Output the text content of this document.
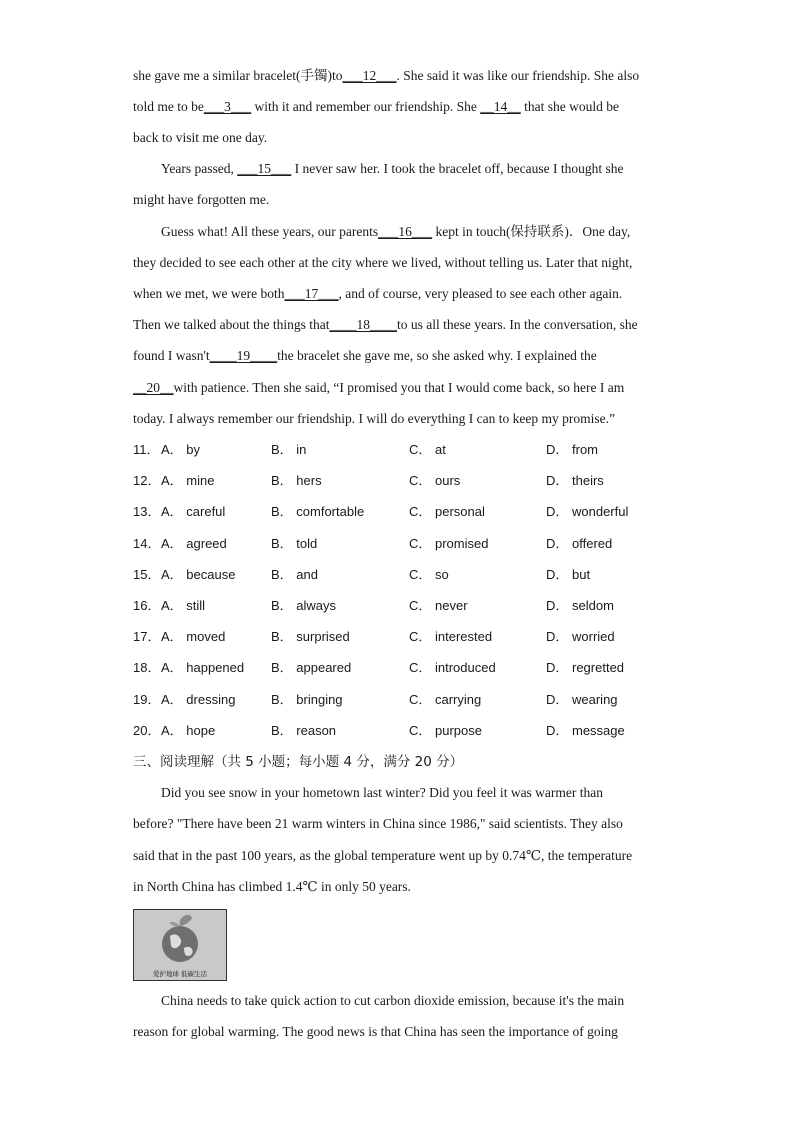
she gave me a similar bracelet(手镯)to___12___. She said it was like our friendship. She also
told me to be___3___ with it and remember our friendship. She __14__ that she would be
back to visit me one day.
Years passed, ___15___ I never saw her. I took the bracelet off, because I thought she
might have forgotten me.
Guess what! All these years, our parents___16___ kept in touch(保持联系)．One day,
they decided to see each other at the city where we lived, without telling us. Later that night,
when we met, we were both___17___, and of course, very pleased to see each other again.
Then we talked about the things that____18____to us all these years. In the conversation, she
found I wasn't____19____the bracelet she gave me, so she asked why. I explained the
__20__with patience. Then she said, “I promised you that I would come back, so here I am
today. I always remember our friendship. I will do everything I can to keep my promise.”
11． A． by	B． in	C． at	D． from
12． A． mine	B． hers	C． ours	D． theirs
13． A． careful	B． comfortable	C． personal	D． wonderful
14． A． agreed	B． told	C． promised	D． offered
15． A． because	B． and	C． so	D． but
16． A． still	B． always	C． never	D． seldom
17． A． moved	B． surprised	C． interested	D． worried
18． A． happened B． appeared	C． introduced	D． regretted
19． A． dressing	B． bringing	C． carrying	D． wearing
20． A． hope	B． reason	C． purpose	D． message
三、阅读理解（共 5 小题；每小题 4 分，满分 20 分）
Did you see snow in your hometown last winter? Did you feel it was warmer than
before? "There have been 21 warm winters in China since 1986," said scientists. They also
said that in the past 100 years, as the global temperature went up by 0.74℃, the temperature
in North China has climbed 1.4℃ in only 50 years.
爱护地球 低碳生活
China needs to take quick action to cut carbon dioxide emission, because it's the main
reason for global warming. The good news is that China has seen the importance of going
